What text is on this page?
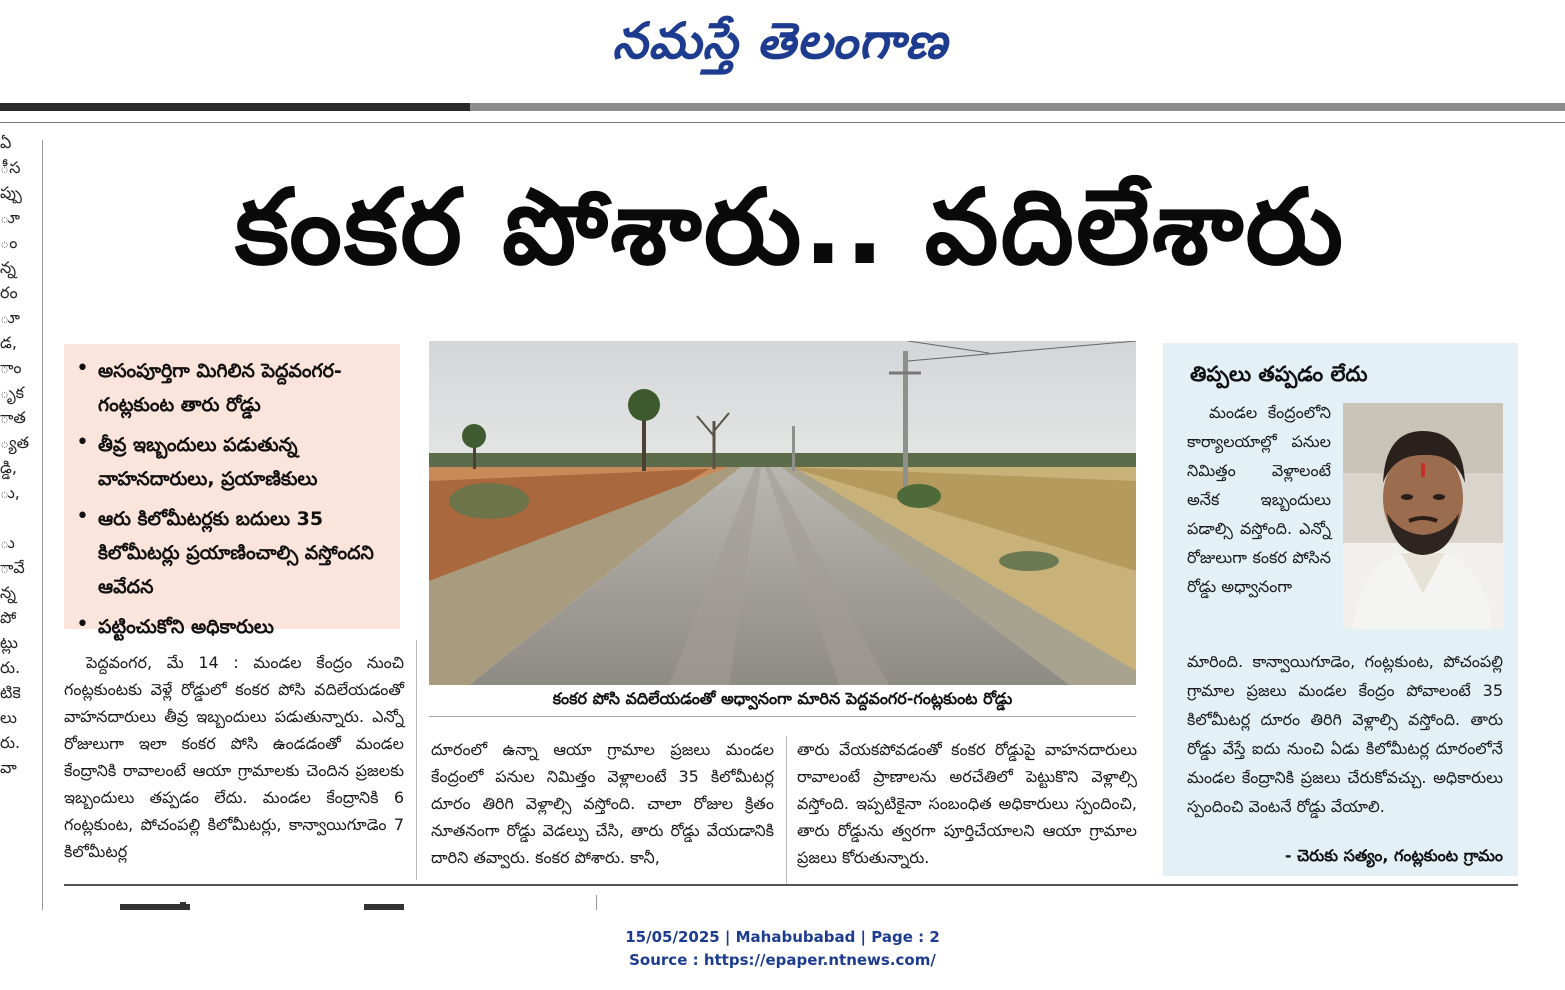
నమస్తే తెలంగాణ
ఏ
ీస
ప్పు
ూ
ం
న్న
రం
ూ
డ,
ాం
ృక
ాత
్యత
డ్డి,
ు,

ు
ావే
న్న
పో
ట్లు
రు.
టికె
లు
రు.
వా
కంకర పోశారు.. వదిలేశారు
• అసంపూర్తిగా మిగిలిన పెద్దవంగర-గంట్లకుంట తారు రోడ్డు
• తీవ్ర ఇబ్బందులు పడుతున్న వాహనదారులు, ప్రయాణికులు
• ఆరు కిలోమీటర్లకు బదులు 35 కిలోమీటర్లు ప్రయాణించాల్సి వస్తోందని ఆవేదన
• పట్టించుకోని అధికారులు
కంకర పోసి వదిలేయడంతో అధ్వానంగా మారిన పెద్దవంగర-గంట్లకుంట రోడ్డు
పెద్దవంగర, మే 14 : మండల కేంద్రం నుంచి గంట్లకుంటకు వెళ్లే రోడ్డులో కంకర పోసి వదిలేయడంతో వాహనదారులు తీవ్ర ఇబ్బందులు పడుతున్నారు. ఎన్నో రోజులుగా ఇలా కంకర పోసి ఉండడంతో మండల కేంద్రానికి రావాలంటే ఆయా గ్రామాలకు చెందిన ప్రజలకు ఇబ్బందులు తప్పడం లేదు. మండల కేంద్రానికి 6 గంట్లకుంట, పోచంపల్లి కిలోమీటర్లు, కాన్వాయిగూడెం 7 కిలోమీటర్ల
దూరంలో ఉన్నా ఆయా గ్రామాల ప్రజలు మండల కేంద్రంలో పనుల నిమిత్తం వెళ్లాలంటే 35 కిలోమీటర్ల దూరం తిరిగి వెళ్లాల్సి వస్తోంది. చాలా రోజుల క్రితం నూతనంగా రోడ్డు వెడల్పు చేసి, తారు రోడ్డు వేయడానికి దారిని తవ్వారు. కంకర పోశారు. కానీ,
తారు వేయకపోవడంతో కంకర రోడ్డుపై వాహనదారులు రావాలంటే ప్రాణాలను అరచేతిలో పెట్టుకొని వెళ్లాల్సి వస్తోంది. ఇప్పటికైనా సంబంధిత అధికారులు స్పందించి, తారు రోడ్డును త్వరగా పూర్తిచేయాలని ఆయా గ్రామాల ప్రజలు కోరుతున్నారు.
తిప్పలు తప్పడం లేదు
మండల కేంద్రంలోని కార్యాలయాల్లో పనుల నిమిత్తం వెళ్లాలంటే అనేక ఇబ్బందులు పడాల్సి వస్తోంది. ఎన్నో రోజులుగా కంకర పోసిన రోడ్డు అధ్వానంగా
మారింది. కాన్వాయిగూడెం, గంట్లకుంట, పోచంపల్లి గ్రామాల ప్రజలు మండల కేంద్రం పోవాలంటే 35 కిలోమీటర్ల దూరం తిరిగి వెళ్లాల్సి వస్తోంది. తారు రోడ్డు వేస్తే ఐదు నుంచి ఏడు కిలోమీటర్ల దూరంలోనే మండల కేంద్రానికి ప్రజలు చేరుకోవచ్చు. అధికారులు స్పందించి వెంటనే రోడ్డు వేయాలి.
- చెరుకు సత్యం, గంట్లకుంట గ్రామం
15/05/2025 | Mahabubabad | Page : 2
Source : https://epaper.ntnews.com/
